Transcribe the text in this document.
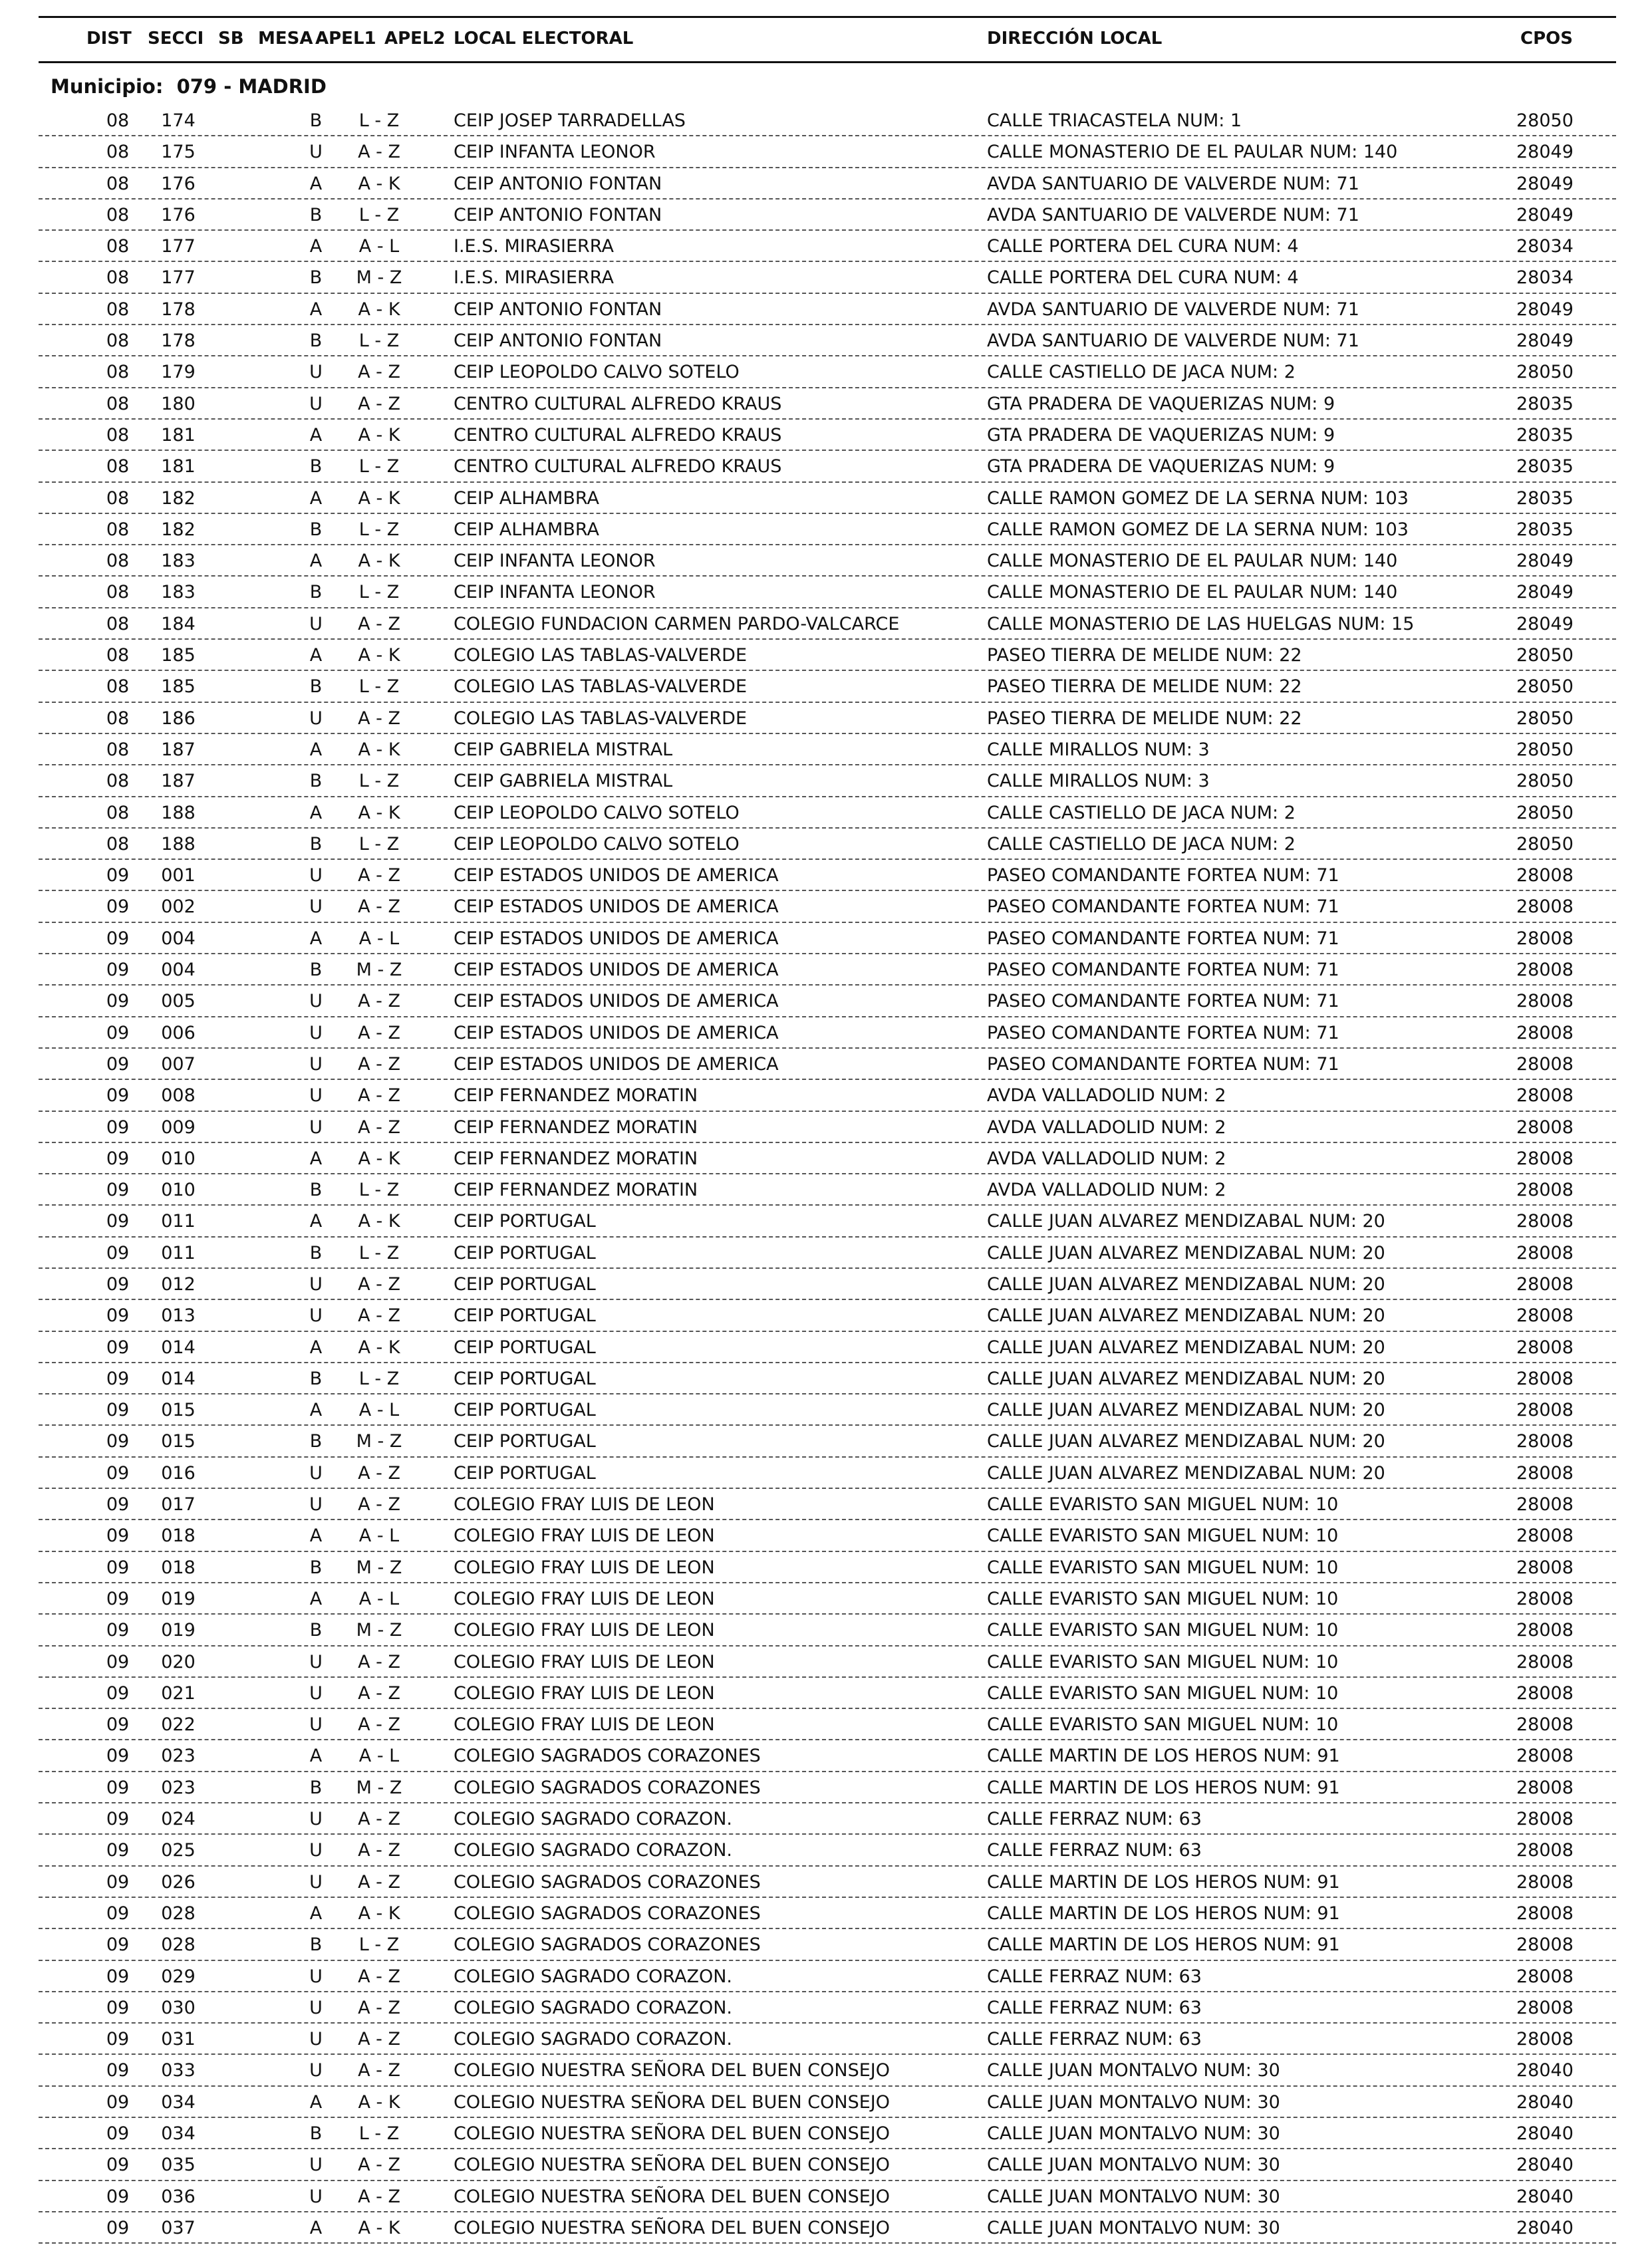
DIST SECCI SB MESA APEL1 APEL2 LOCAL ELECTORAL	DIRECCIÓN LOCAL	CPOS
Municipio: 079 - MADRID
08	174	B	L - Z	CEIP JOSEP TARRADELLAS	CALLE TRIACASTELA NUM: 1	28050
08	175	U	A - Z	CEIP INFANTA LEONOR	CALLE MONASTERIO DE EL PAULAR NUM: 140	28049
08	176	A	A - K	CEIP ANTONIO FONTAN	AVDA SANTUARIO DE VALVERDE NUM: 71	28049
08	176	B	L - Z	CEIP ANTONIO FONTAN	AVDA SANTUARIO DE VALVERDE NUM: 71	28049
08	177	A	A - L	I.E.S. MIRASIERRA	CALLE PORTERA DEL CURA NUM: 4	28034
08	177	B	M - Z	I.E.S. MIRASIERRA	CALLE PORTERA DEL CURA NUM: 4	28034
08	178	A	A - K	CEIP ANTONIO FONTAN	AVDA SANTUARIO DE VALVERDE NUM: 71	28049
08	178	B	L - Z	CEIP ANTONIO FONTAN	AVDA SANTUARIO DE VALVERDE NUM: 71	28049
08	179	U	A - Z	CEIP LEOPOLDO CALVO SOTELO	CALLE CASTIELLO DE JACA NUM: 2	28050
08	180	U	A - Z	CENTRO CULTURAL ALFREDO KRAUS	GTA PRADERA DE VAQUERIZAS NUM: 9	28035
08	181	A	A - K	CENTRO CULTURAL ALFREDO KRAUS	GTA PRADERA DE VAQUERIZAS NUM: 9	28035
08	181	B	L - Z	CENTRO CULTURAL ALFREDO KRAUS	GTA PRADERA DE VAQUERIZAS NUM: 9	28035
08	182	A	A - K	CEIP ALHAMBRA	CALLE RAMON GOMEZ DE LA SERNA NUM: 103	28035
08	182	B	L - Z	CEIP ALHAMBRA	CALLE RAMON GOMEZ DE LA SERNA NUM: 103	28035
08	183	A	A - K	CEIP INFANTA LEONOR	CALLE MONASTERIO DE EL PAULAR NUM: 140	28049
08	183	B	L - Z	CEIP INFANTA LEONOR	CALLE MONASTERIO DE EL PAULAR NUM: 140	28049
08	184	U	A - Z	COLEGIO FUNDACION CARMEN PARDO-VALCARCE	CALLE MONASTERIO DE LAS HUELGAS NUM: 15	28049
08	185	A	A - K	COLEGIO LAS TABLAS-VALVERDE	PASEO TIERRA DE MELIDE NUM: 22	28050
08	185	B	L - Z	COLEGIO LAS TABLAS-VALVERDE	PASEO TIERRA DE MELIDE NUM: 22	28050
08	186	U	A - Z	COLEGIO LAS TABLAS-VALVERDE	PASEO TIERRA DE MELIDE NUM: 22	28050
08	187	A	A - K	CEIP GABRIELA MISTRAL	CALLE MIRALLOS NUM: 3	28050
08	187	B	L - Z	CEIP GABRIELA MISTRAL	CALLE MIRALLOS NUM: 3	28050
08	188	A	A - K	CEIP LEOPOLDO CALVO SOTELO	CALLE CASTIELLO DE JACA NUM: 2	28050
08	188	B	L - Z	CEIP LEOPOLDO CALVO SOTELO	CALLE CASTIELLO DE JACA NUM: 2	28050
09	001	U	A - Z	CEIP ESTADOS UNIDOS DE AMERICA	PASEO COMANDANTE FORTEA NUM: 71	28008
09	002	U	A - Z	CEIP ESTADOS UNIDOS DE AMERICA	PASEO COMANDANTE FORTEA NUM: 71	28008
09	004	A	A - L	CEIP ESTADOS UNIDOS DE AMERICA	PASEO COMANDANTE FORTEA NUM: 71	28008
09	004	B	M - Z	CEIP ESTADOS UNIDOS DE AMERICA	PASEO COMANDANTE FORTEA NUM: 71	28008
09	005	U	A - Z	CEIP ESTADOS UNIDOS DE AMERICA	PASEO COMANDANTE FORTEA NUM: 71	28008
09	006	U	A - Z	CEIP ESTADOS UNIDOS DE AMERICA	PASEO COMANDANTE FORTEA NUM: 71	28008
09	007	U	A - Z	CEIP ESTADOS UNIDOS DE AMERICA	PASEO COMANDANTE FORTEA NUM: 71	28008
09	008	U	A - Z	CEIP FERNANDEZ MORATIN	AVDA VALLADOLID NUM: 2	28008
09	009	U	A - Z	CEIP FERNANDEZ MORATIN	AVDA VALLADOLID NUM: 2	28008
09	010	A	A - K	CEIP FERNANDEZ MORATIN	AVDA VALLADOLID NUM: 2	28008
09	010	B	L - Z	CEIP FERNANDEZ MORATIN	AVDA VALLADOLID NUM: 2	28008
09	011	A	A - K	CEIP PORTUGAL	CALLE JUAN ALVAREZ MENDIZABAL NUM: 20	28008
09	011	B	L - Z	CEIP PORTUGAL	CALLE JUAN ALVAREZ MENDIZABAL NUM: 20	28008
09	012	U	A - Z	CEIP PORTUGAL	CALLE JUAN ALVAREZ MENDIZABAL NUM: 20	28008
09	013	U	A - Z	CEIP PORTUGAL	CALLE JUAN ALVAREZ MENDIZABAL NUM: 20	28008
09	014	A	A - K	CEIP PORTUGAL	CALLE JUAN ALVAREZ MENDIZABAL NUM: 20	28008
09	014	B	L - Z	CEIP PORTUGAL	CALLE JUAN ALVAREZ MENDIZABAL NUM: 20	28008
09	015	A	A - L	CEIP PORTUGAL	CALLE JUAN ALVAREZ MENDIZABAL NUM: 20	28008
09	015	B	M - Z	CEIP PORTUGAL	CALLE JUAN ALVAREZ MENDIZABAL NUM: 20	28008
09	016	U	A - Z	CEIP PORTUGAL	CALLE JUAN ALVAREZ MENDIZABAL NUM: 20	28008
09	017	U	A - Z	COLEGIO FRAY LUIS DE LEON	CALLE EVARISTO SAN MIGUEL NUM: 10	28008
09	018	A	A - L	COLEGIO FRAY LUIS DE LEON	CALLE EVARISTO SAN MIGUEL NUM: 10	28008
09	018	B	M - Z	COLEGIO FRAY LUIS DE LEON	CALLE EVARISTO SAN MIGUEL NUM: 10	28008
09	019	A	A - L	COLEGIO FRAY LUIS DE LEON	CALLE EVARISTO SAN MIGUEL NUM: 10	28008
09	019	B	M - Z	COLEGIO FRAY LUIS DE LEON	CALLE EVARISTO SAN MIGUEL NUM: 10	28008
09	020	U	A - Z	COLEGIO FRAY LUIS DE LEON	CALLE EVARISTO SAN MIGUEL NUM: 10	28008
09	021	U	A - Z	COLEGIO FRAY LUIS DE LEON	CALLE EVARISTO SAN MIGUEL NUM: 10	28008
09	022	U	A - Z	COLEGIO FRAY LUIS DE LEON	CALLE EVARISTO SAN MIGUEL NUM: 10	28008
09	023	A	A - L	COLEGIO SAGRADOS CORAZONES	CALLE MARTIN DE LOS HEROS NUM: 91	28008
09	023	B	M - Z	COLEGIO SAGRADOS CORAZONES	CALLE MARTIN DE LOS HEROS NUM: 91	28008
09	024	U	A - Z	COLEGIO SAGRADO CORAZON.	CALLE FERRAZ NUM: 63	28008
09	025	U	A - Z	COLEGIO SAGRADO CORAZON.	CALLE FERRAZ NUM: 63	28008
09	026	U	A - Z	COLEGIO SAGRADOS CORAZONES	CALLE MARTIN DE LOS HEROS NUM: 91	28008
09	028	A	A - K	COLEGIO SAGRADOS CORAZONES	CALLE MARTIN DE LOS HEROS NUM: 91	28008
09	028	B	L - Z	COLEGIO SAGRADOS CORAZONES	CALLE MARTIN DE LOS HEROS NUM: 91	28008
09	029	U	A - Z	COLEGIO SAGRADO CORAZON.	CALLE FERRAZ NUM: 63	28008
09	030	U	A - Z	COLEGIO SAGRADO CORAZON.	CALLE FERRAZ NUM: 63	28008
09	031	U	A - Z	COLEGIO SAGRADO CORAZON.	CALLE FERRAZ NUM: 63	28008
09	033	U	A - Z	COLEGIO NUESTRA SEÑORA DEL BUEN CONSEJO	CALLE JUAN MONTALVO NUM: 30	28040
09	034	A	A - K	COLEGIO NUESTRA SEÑORA DEL BUEN CONSEJO	CALLE JUAN MONTALVO NUM: 30	28040
09	034	B	L - Z	COLEGIO NUESTRA SEÑORA DEL BUEN CONSEJO	CALLE JUAN MONTALVO NUM: 30	28040
09	035	U	A - Z	COLEGIO NUESTRA SEÑORA DEL BUEN CONSEJO	CALLE JUAN MONTALVO NUM: 30	28040
09	036	U	A - Z	COLEGIO NUESTRA SEÑORA DEL BUEN CONSEJO	CALLE JUAN MONTALVO NUM: 30	28040
09	037	A	A - K	COLEGIO NUESTRA SEÑORA DEL BUEN CONSEJO	CALLE JUAN MONTALVO NUM: 30	28040
